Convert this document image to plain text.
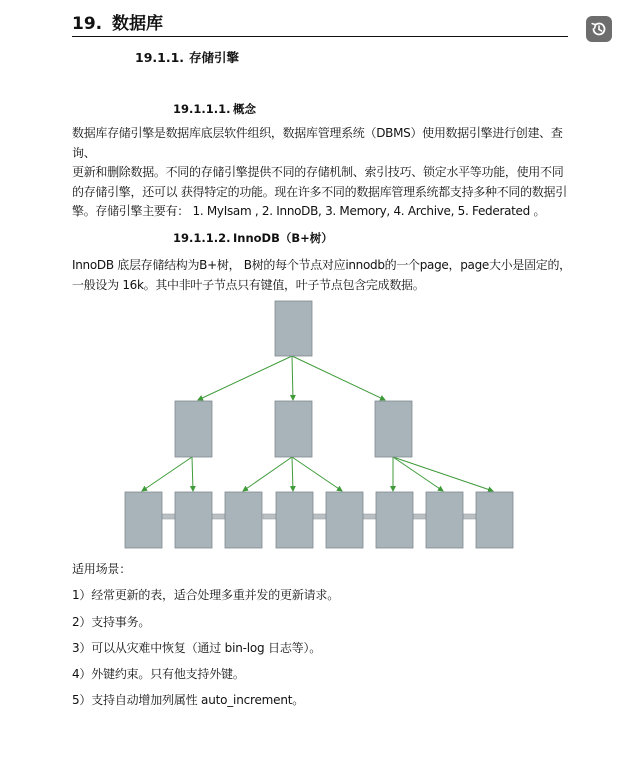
19. 数据库
19.1.1. 存储引擎
19.1.1.1. 概念
数据库存储引擎是数据库底层软件组织，数据库管理系统（DBMS）使用数据引擎进行创建、查询、
更新和删除数据。不同的存储引擎提供不同的存储机制、索引技巧、锁定水平等功能，使用不同
的存储引擎，还可以 获得特定的功能。现在许多不同的数据库管理系统都支持多种不同的数据引
擎。存储引擎主要有： 1. MyIsam , 2. InnoDB, 3. Memory, 4. Archive, 5. Federated 。
19.1.1.2. InnoDB（B+树）
InnoDB 底层存储结构为B+树， B树的每个节点对应innodb的一个page，page大小是固定的，
一般设为 16k。其中非叶子节点只有键值，叶子节点包含完成数据。
适用场景：
1）经常更新的表，适合处理多重并发的更新请求。
2）支持事务。
3）可以从灾难中恢复（通过 bin-log 日志等）。
4）外键约束。只有他支持外键。
5）支持自动增加列属性 auto_increment。
